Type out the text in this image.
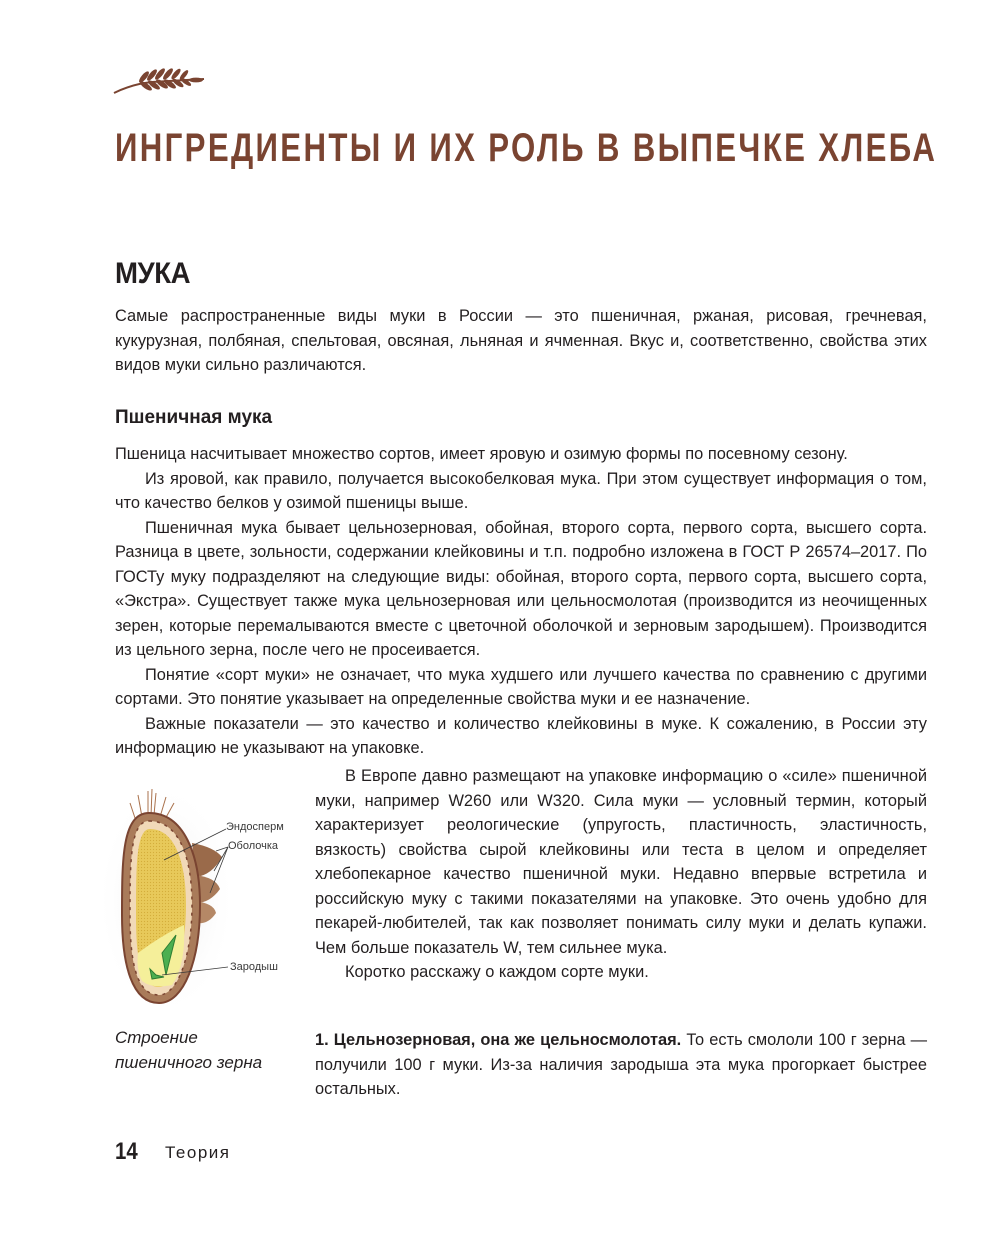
ИНГРЕДИЕНТЫ И ИХ РОЛЬ В ВЫПЕЧКЕ ХЛЕБА
МУКА

Самые распространенные виды муки в России — это пшеничная, ржаная, рисовая, гречневая, кукурузная, полбяная, спельтовая, овсяная, льняная и ячменная. Вкус и, соответственно, свойства этих видов муки сильно различаются.

Пшеничная мука

Пшеница насчитывает множество сортов, имеет яровую и озимую формы по посевному сезону.

Из яровой, как правило, получается высокобелковая мука. При этом существует информация о том, что качество белков у озимой пшеницы выше.

Пшеничная мука бывает цельнозерновая, обойная, второго сорта, первого сорта, высшего сорта. Разница в цвете, зольности, содержании клейковины и т.п. подробно изложена в ГОСТ Р 26574–2017. По ГОСТу муку подразделяют на следующие виды: обойная, второго сорта, первого сорта, высшего сорта, «Экстра». Существует также мука цельнозерновая или цельносмолотая (производится из неочищенных зерен, которые перемалываются вместе с цветочной оболочкой и зерновым зародышем). Производится из цельного зерна, после чего не просеивается.

Понятие «сорт муки» не означает, что мука худшего или лучшего качества по сравнению с другими сортами. Это понятие указывает на определенные свойства муки и ее назначение.

Важные показатели — это качество и количество клейковины в муке. К сожалению, в России эту информацию не указывают на упаковке.

Эндосперм
Оболочка
Зародыш

В Европе давно размещают на упаковке информацию о «силе» пшеничной муки, например W260 или W320. Сила муки — условный термин, который характеризует реологические (упругость, пластичность, эластичность, вязкость) свойства сырой клейковины или теста в целом и определяет хлебопекарное качество пшеничной муки. Недавно впервые встретила и российскую муку с такими показателями на упаковке. Это очень удобно для пекарей-любителей, так как позволяет понимать силу муки и делать купажи. Чем больше показатель W, тем сильнее мука.

Коротко расскажу о каждом сорте муки.

Строение пшеничного зерна

1. Цельнозерновая, она же цельносмолотая. То есть смололи 100 г зерна — получили 100 г муки. Из-за наличия зародыша эта мука прогоркает быстрее остальных.

14 Теория
